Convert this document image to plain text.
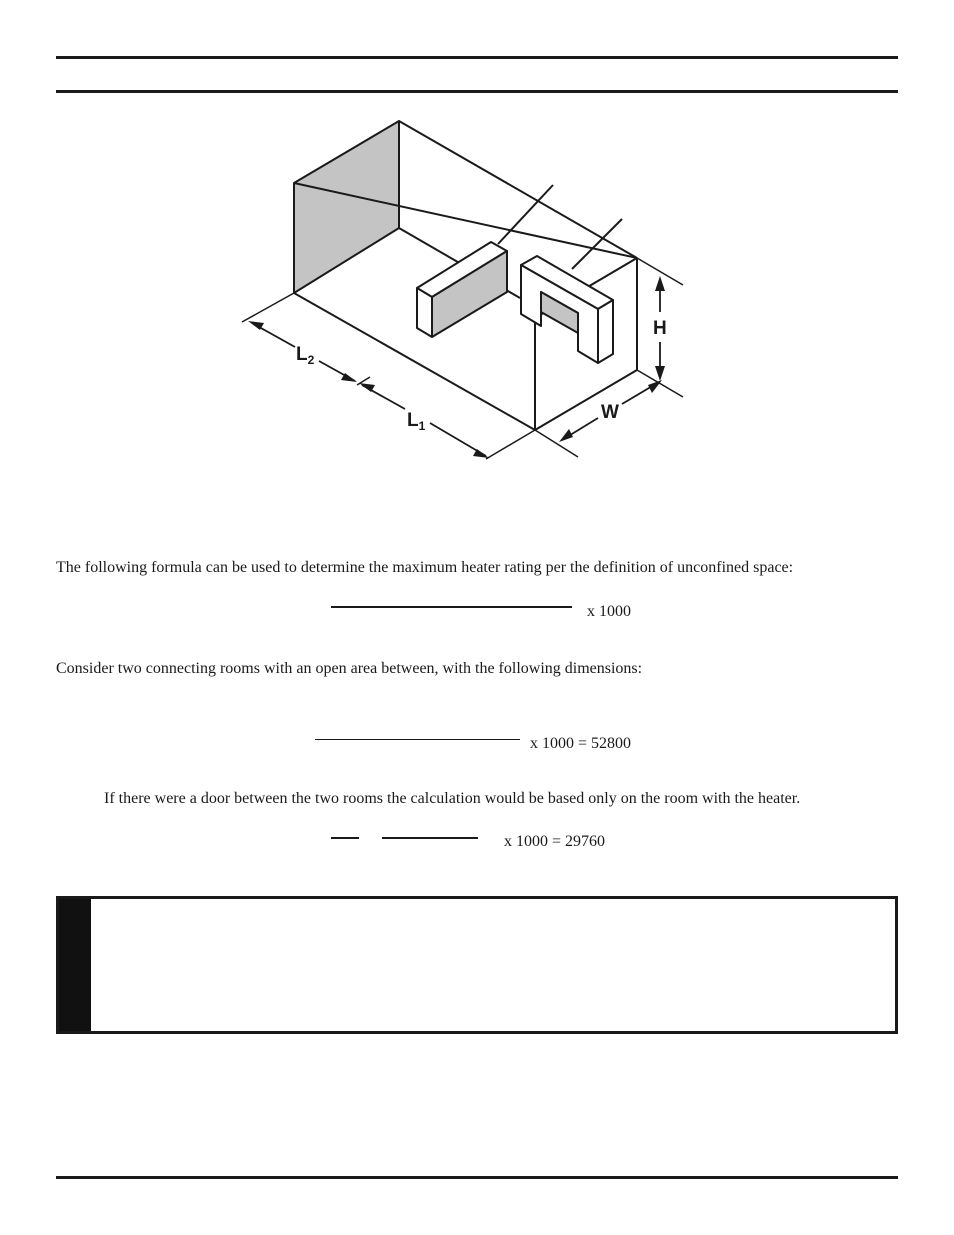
$L_2$
$L_1$
H
W
The following formula can be used to determine the maximum heater rating per the definition of unconfined space:
x 1000
Consider two connecting rooms with an open area between, with the following dimensions:
x 1000 = 52800
If there were a door between the two rooms the calculation would be based only on the room with the heater.
x 1000 = 29760
